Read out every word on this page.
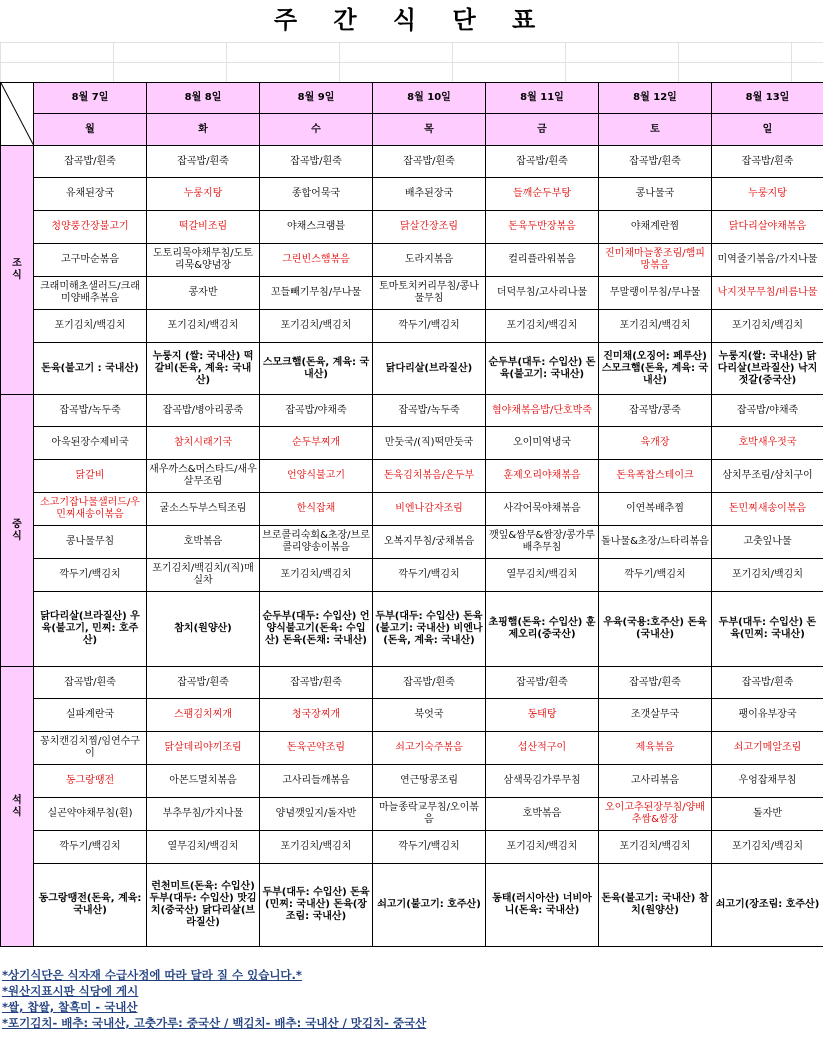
주 간 식 단 표
	8월 7일	8월 8일	8월 9일	8월 10일	8월 11일	8월 12일	8월 13일
	월	화	수	목	금	토	일
조 식	잡곡밥/흰죽	잡곡밥/흰죽	잡곡밥/흰죽	잡곡밥/흰죽	잡곡밥/흰죽	잡곡밥/흰죽	잡곡밥/흰죽
	유채된장국	누룽지탕	종합어묵국	배추된장국	들깨순두부탕	콩나물국	누룽지탕
	청양풍간장불고기	떡갈비조림	야채스크램블	닭살간장조림	돈육두반장볶음	야채계란찜	닭다리살야채볶음
	고구마순볶음	도토리묵야채무침/도토리묵&양념장	그린빈스햄볶음	도라지볶음	컬리플라워볶음	진미채마늘쫑조림/햄피망볶음	미역줄기볶음/가지나물
	크래미해초샐러드/크래미양배추볶음	콩자반	꼬들빼기무침/무나물	토마토치커리무침/콩나물무침	더덕무침/고사리나물	무말랭이무침/무나물	낙지젓무무침/비름나물
	포기김치/백김치	포기김치/백김치	포기김치/백김치	깍두기/백김치	포기김치/백김치	포기김치/백김치	포기김치/백김치
	돈육(불고기 : 국내산)	누룽지 (쌀: 국내산) 떡갈비(돈육, 계육: 국내산)	스모크햄(돈육, 계육: 국내산)	닭다리살(브라질산)	순두부(대두: 수입산) 돈육(불고기: 국내산)	진미채(오징어: 페루산) 스모크햄(돈육, 계육: 국내산)	누룽지(쌀: 국내산) 닭다리살(브라질산) 낙지젓갈(중국산)
중 식	잡곡밥/녹두죽	잡곡밥/병아리콩죽	잡곡밥/야채죽	잡곡밥/녹두죽	혐야채볶음밥/단호박죽	잡곡밥/콩죽	잡곡밥/야채죽
	아욱된장수제비국	참치시래기국	순두부찌개	만둣국/(직)떡만둣국	오이미역냉국	육개장	호박새우젓국
	닭갈비	새우까스&머스타드/새우살무조림	언양식불고기	돈육김치볶음/온두부	훈제오리야채볶음	돈육폭찹스테이크	삼치무조림/삼치구이
	소고기잡나물샐러드/우민찌새송이볶음	굴소스두부스틱조림	한식잡채	비엔나감자조림	사각어묵야채볶음	이연복배추찜	돈민찌새송이볶음
	콩나물무침	호박볶음	브로콜리숙회&초장/브로콜리양송이볶음	오복지무침/궁채볶음	깻잎&쌈무&쌈장/콩가루배추무침	돌나물&초장/느타리볶음	고춧잎나물
	깍두기/백김치	포기김치/백김치/(직)매실차	포기김치/백김치	깍두기/백김치	열무김치/백김치	깍두기/백김치	포기김치/백김치
	닭다리살(브라질산) 우육(불고기, 민찌: 호주산)	참치(원양산)	순두부(대두: 수입산) 언양식불고기(돈육: 수입산) 돈육(돈채: 국내산)	두부(대두: 수입산) 돈육(불고기: 국내산) 비엔나(돈육, 계육: 국내산)	초핑햄(돈육: 수입산) 훈제오리(중국산)	우육(국용:호주산) 돈육(국내산)	두부(대두: 수입산) 돈육(민찌: 국내산)
석 식	잡곡밥/흰죽	잡곡밥/흰죽	잡곡밥/흰죽	잡곡밥/흰죽	잡곡밥/흰죽	잡곡밥/흰죽	잡곡밥/흰죽
	실파계란국	스팸김치찌개	청국장찌개	북엇국	동태탕	조갯살무국	팽이유부장국
	꽁치캔김치찜/임연수구이	닭살데리야끼조림	돈육곤약조림	쇠고기숙주볶음	섭산적구이	제육볶음	쇠고기메알조림
	동그랑땡전	아몬드멸치볶음	고사리들깨볶음	연근땅콩조림	삼색묵김가루무침	고사리볶음	우엉잡채무침
	실곤약야채무침(흰)	부추무침/가지나물	양념깻잎지/돌자반	마늘종락교무침/오이볶음	호박볶음	오이고추된장무침/양배추쌈&쌈장	돌자반
	깍두기/백김치	열무김치/백김치	포기김치/백김치	깍두기/백김치	포기김치/백김치	포기김치/백김치	포기김치/백김치
	동그랑땡전(돈육, 계육:국내산)	런천미트(돈육: 수입산) 두부(대두: 수입산) 맛김치(중국산) 닭다리살(브라질산)	두부(대두: 수입산) 돈육(민찌: 국내산) 돈육(장조림: 국내산)	쇠고기(불고기: 호주산)	동태(러시아산) 너비아니(돈육: 국내산)	돈육(불고기: 국내산) 참치(원양산)	쇠고기(장조림: 호주산)
*상기식단은 식자재 수급사정에 따라 달라 질 수 있습니다.*
*원산지표시판 식당에 게시
*쌀, 찹쌀, 찰흑미 - 국내산
*포기김치- 배추: 국내산, 고춧가루: 중국산 / 백김치- 배추: 국내산 / 맛김치- 중국산
